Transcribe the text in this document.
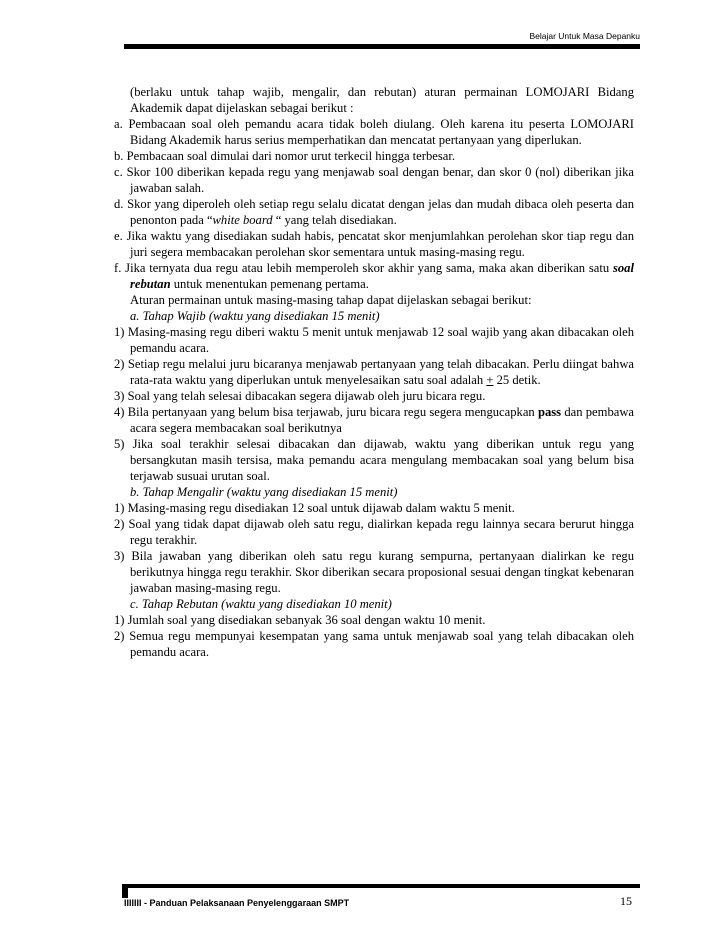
Belajar Untuk Masa Depanku

(berlaku untuk tahap wajib, mengalir, dan rebutan) aturan permainan LOMOJARI Bidang Akademik dapat dijelaskan sebagai berikut :

a. Pembacaan soal oleh pemandu acara tidak boleh diulang. Oleh karena itu peserta LOMOJARI Bidang Akademik harus serius memperhatikan dan mencatat pertanyaan yang diperlukan.

b. Pembacaan soal dimulai dari nomor urut terkecil hingga terbesar.

c. Skor 100 diberikan kepada regu yang menjawab soal dengan benar, dan skor 0 (nol) diberikan jika jawaban salah.

d. Skor yang diperoleh oleh setiap regu selalu dicatat dengan jelas dan mudah dibaca oleh peserta dan penonton pada “white board “ yang telah disediakan.

e. Jika waktu yang disediakan sudah habis, pencatat skor menjumlahkan perolehan skor tiap regu dan juri segera membacakan perolehan skor sementara untuk masing-masing regu.

f. Jika ternyata dua regu atau lebih memperoleh skor akhir yang sama, maka akan diberikan satu soal rebutan untuk menentukan pemenang pertama.

Aturan permainan untuk masing-masing tahap dapat dijelaskan sebagai berikut:

a. Tahap Wajib (waktu yang disediakan 15 menit)

1) Masing-masing regu diberi waktu 5 menit untuk menjawab 12 soal wajib yang akan dibacakan oleh pemandu acara.

2) Setiap regu melalui juru bicaranya menjawab pertanyaan yang telah dibacakan. Perlu diingat bahwa rata-rata waktu yang diperlukan untuk menyelesaikan satu soal adalah + 25 detik.

3) Soal yang telah selesai dibacakan segera dijawab oleh juru bicara regu.

4) Bila pertanyaan yang belum bisa terjawab, juru bicara regu segera mengucapkan pass dan pembawa acara segera membacakan soal berikutnya

5) Jika soal terakhir selesai dibacakan dan dijawab, waktu yang diberikan untuk regu yang bersangkutan masih tersisa, maka pemandu acara mengulang membacakan soal yang belum bisa terjawab susuai urutan soal.

b. Tahap Mengalir (waktu yang disediakan 15 menit)

1) Masing-masing regu disediakan 12 soal untuk dijawab dalam waktu 5 menit.

2) Soal yang tidak dapat dijawab oleh satu regu, dialirkan kepada regu lainnya secara berurut hingga regu terakhir.

3) Bila jawaban yang diberikan oleh satu regu kurang sempurna, pertanyaan dialirkan ke regu berikutnya hingga regu terakhir. Skor diberikan secara proposional sesuai dengan tingkat kebenaran jawaban masing-masing regu.

c. Tahap Rebutan (waktu yang disediakan 10 menit)

1) Jumlah soal yang disediakan sebanyak 36 soal dengan waktu 10 menit.

2) Semua regu mempunyai kesempatan yang sama untuk menjawab soal yang telah dibacakan oleh pemandu acara.

IIIIIII - Panduan Pelaksanaan Penyelenggaraan SMPT	15
